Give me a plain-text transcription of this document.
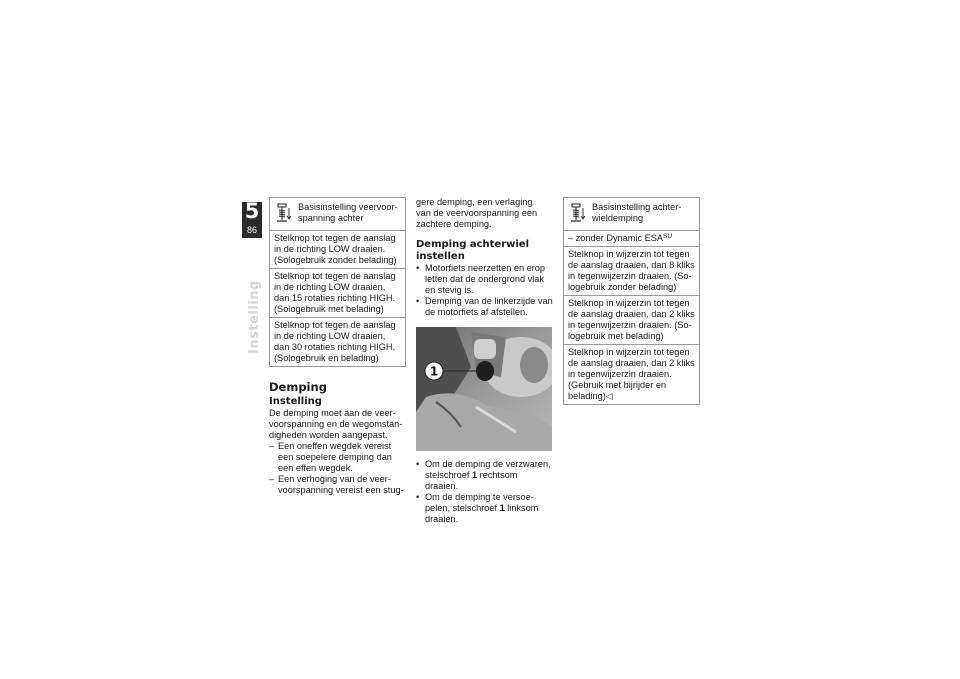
5
86
Instelling
Basisinstelling veervoor- spanning achter

Stelknop tot tegen de aanslag

in de richting LOW draaien.

(Sologebruik zonder belading)

Stelknop tot tegen de aanslag

in de richting LOW draaien,

dan 15 rotaties richting HIGH.

(Sologebruik met belading)

Stelknop tot tegen de aanslag

in de richting LOW draaien,

dan 30 rotaties richting HIGH.

(Sologebruik en belading)

Demping
Instelling

De demping moet aan de veer-

voorspanning en de wegomstan-

digheden worden aangepast.

– Een oneffen wegdek vereist

een soepelere demping dan

een effen wegdek.

– Een verhoging van de veer-

voorspanning vereist een stug-

gere demping, een verlaging

van de veervoorspanning een

zachtere demping.

Demping achterwiel
instellen

• Motorfiets neerzetten en erop

letten dat de ondergrond vlak

en stevig is.

• Demping van de linkerzijde van

de motorfiets af afstellen.

1

• Om de demping de verzwaren,

stelschroef 1 rechtsom draaien.

• Om de demping te versoe-

pelen, stelschroef 1 linksom

draaien.

Basisinstelling achter- wieldemping

– zonder Dynamic $ESA^{SU}$

Stelknop in wijzerzin tot tegen

de aanslag draaien, dan 8 kliks

in tegenwijzerzin draaien. (So-

logebruik zonder belading)

Stelknop in wijzerzin tot tegen

de aanslag draaien, dan 2 kliks

in tegenwijzerzin draaien. (So-

logebruik met belading)

Stelknop in wijzerzin tot tegen

de aanslag draaien, dan 2 kliks

in tegenwijzerzin draaien.

(Gebruik met bijrijder en

belading)◁
